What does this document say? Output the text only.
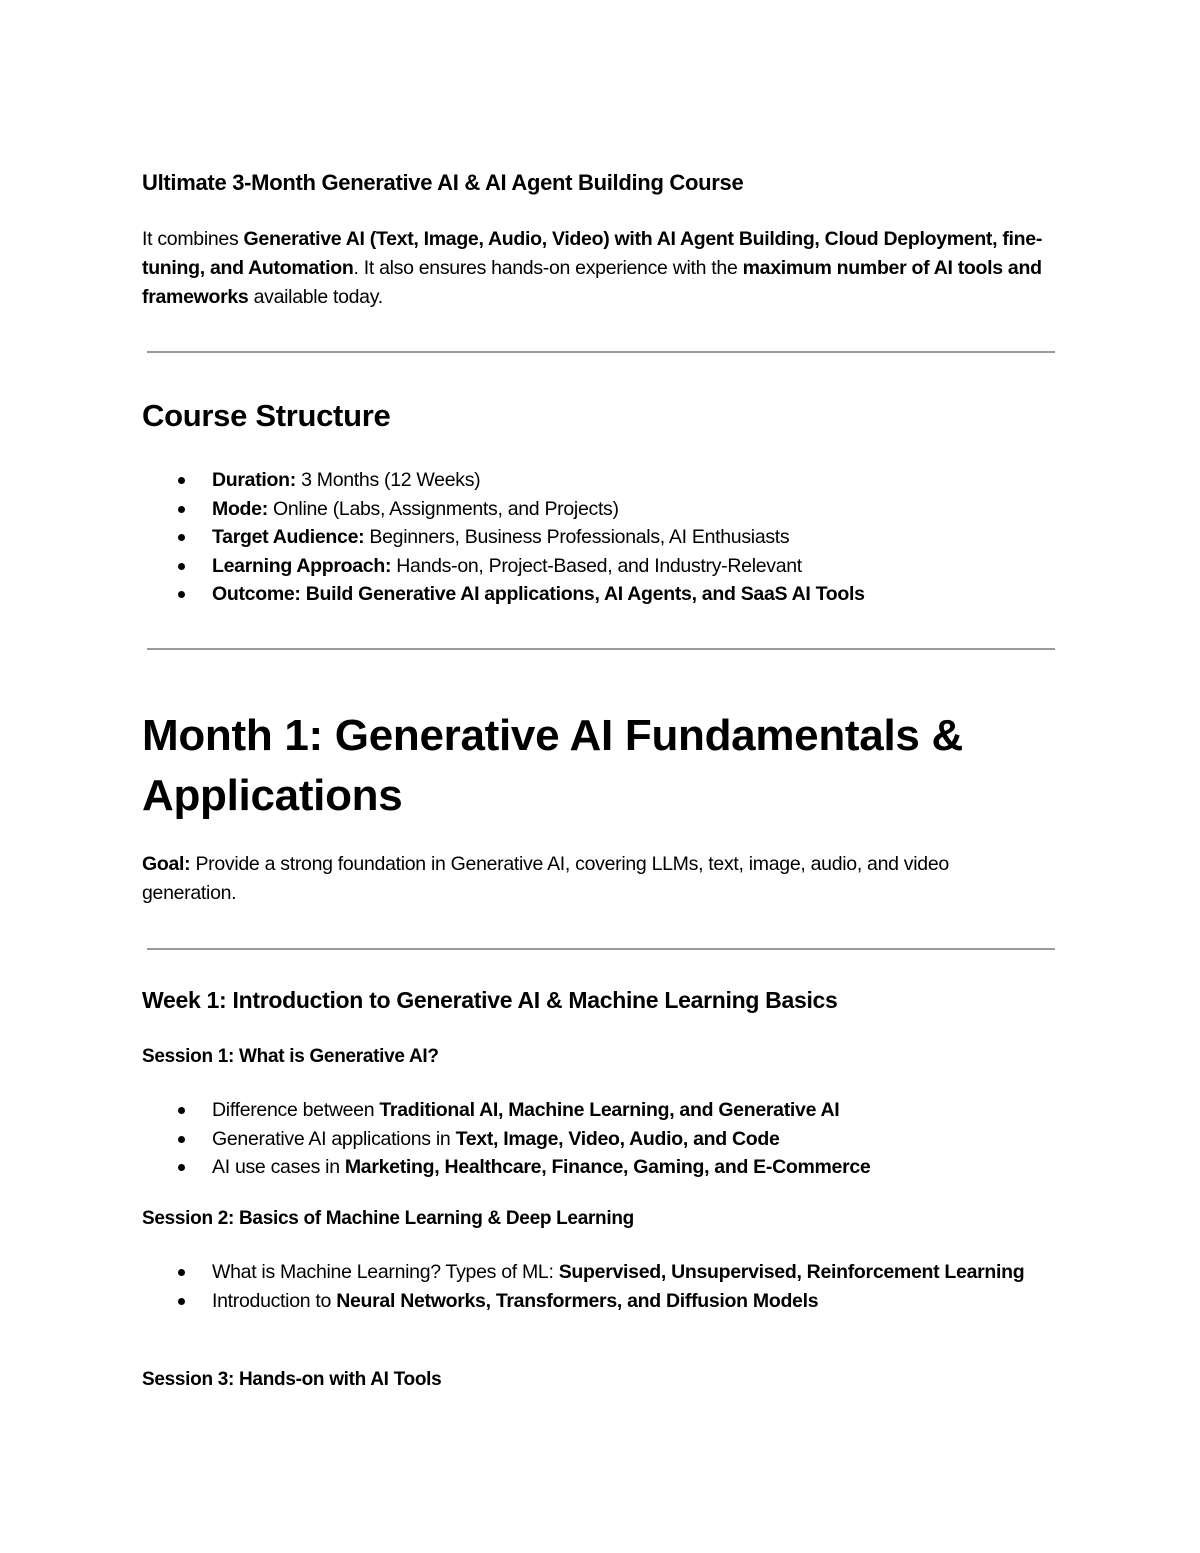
Ultimate 3-Month Generative AI & AI Agent Building Course

It combines Generative AI (Text, Image, Audio, Video) with AI Agent Building, Cloud Deployment, fine-tuning, and Automation. It also ensures hands-on experience with the maximum number of AI tools and frameworks available today.

Course Structure
Duration: 3 Months (12 Weeks)
Mode: Online (Labs, Assignments, and Projects)
Target Audience: Beginners, Business Professionals, AI Enthusiasts
Learning Approach: Hands-on, Project-Based, and Industry-Relevant
Outcome: Build Generative AI applications, AI Agents, and SaaS AI Tools
Month 1: Generative AI Fundamentals & Applications

Goal: Provide a strong foundation in Generative AI, covering LLMs, text, image, audio, and video generation.

Week 1: Introduction to Generative AI & Machine Learning Basics
Session 1: What is Generative AI?
Difference between Traditional AI, Machine Learning, and Generative AI
Generative AI applications in Text, Image, Video, Audio, and Code
AI use cases in Marketing, Healthcare, Finance, Gaming, and E-Commerce
Session 2: Basics of Machine Learning & Deep Learning
What is Machine Learning? Types of ML: Supervised, Unsupervised, Reinforcement Learning
Introduction to Neural Networks, Transformers, and Diffusion Models
Session 3: Hands-on with AI Tools
